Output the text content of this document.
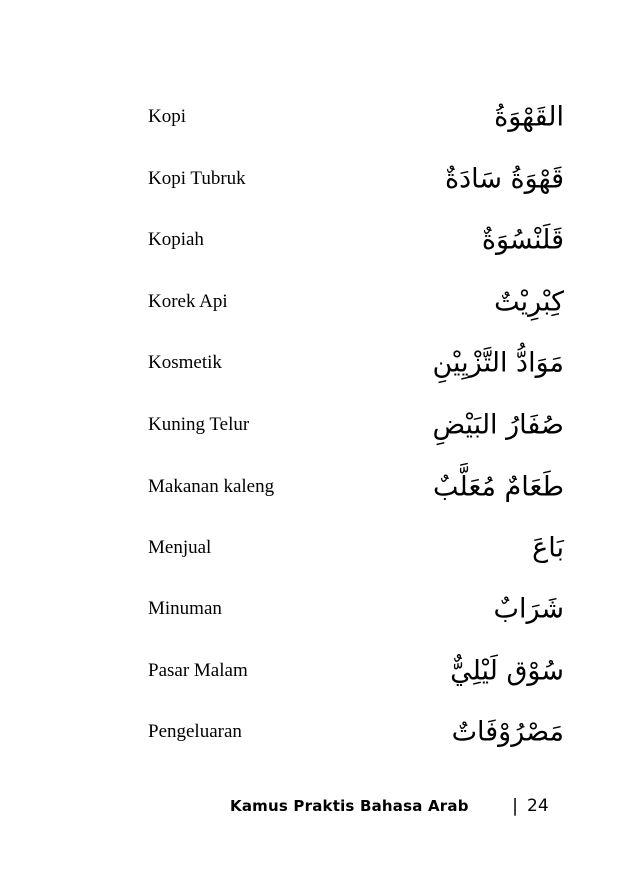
Kopi	القَهْوَةُ
Kopi Tubruk	قَهْوَةُ سَادَةٌ
Kopiah	قَلَنْسُوَةٌ
Korek Api	كِبْرِيْتٌ
Kosmetik	مَوَادُّ التَّزْيِيْنِ
Kuning Telur	صُفَارُ البَيْضِ
Makanan kaleng	طَعَامٌ مُعَلَّبٌ
Menjual	بَاعَ
Minuman	شَرَابٌ
Pasar Malam	سُوْق لَيْلِيٌّ
Pengeluaran	مَصْرُوْفَاتٌ
Kamus Praktis Bahasa Arab | 24
